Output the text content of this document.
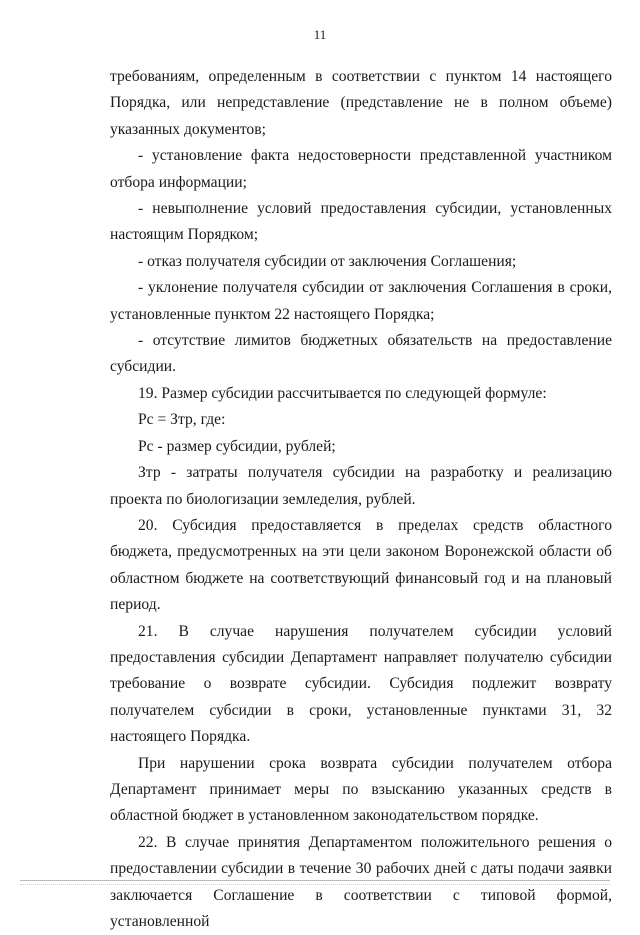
11

требованиям, определенным в соответствии с пунктом 14 настоящего Порядка, или непредставление (представление не в полном объеме) указанных документов;

- установление факта недостоверности представленной участником отбора информации;

- невыполнение условий предоставления субсидии, установленных настоящим Порядком;

- отказ получателя субсидии от заключения Соглашения;

- уклонение получателя субсидии от заключения Соглашения в сроки, установленные пунктом 22 настоящего Порядка;

- отсутствие лимитов бюджетных обязательств на предоставление субсидии.

19. Размер субсидии рассчитывается по следующей формуле:

Рс = Зтр, где:

Рс - размер субсидии, рублей;

Зтр - затраты получателя субсидии на разработку и реализацию проекта по биологизации земледелия, рублей.

20. Субсидия предоставляется в пределах средств областного бюджета, предусмотренных на эти цели законом Воронежской области об областном бюджете на соответствующий финансовый год и на плановый период.

21. В случае нарушения получателем субсидии условий предоставления субсидии Департамент направляет получателю субсидии требование о возврате субсидии. Субсидия подлежит возврату получателем субсидии в сроки, установленные пунктами 31, 32 настоящего Порядка.

При нарушении срока возврата субсидии получателем отбора Департамент принимает меры по взысканию указанных средств в областной бюджет в установленном законодательством порядке.

22. В случае принятия Департаментом положительного решения о предоставлении субсидии в течение 30 рабочих дней с даты подачи заявки заключается Соглашение в соответствии с типовой формой, установленной
